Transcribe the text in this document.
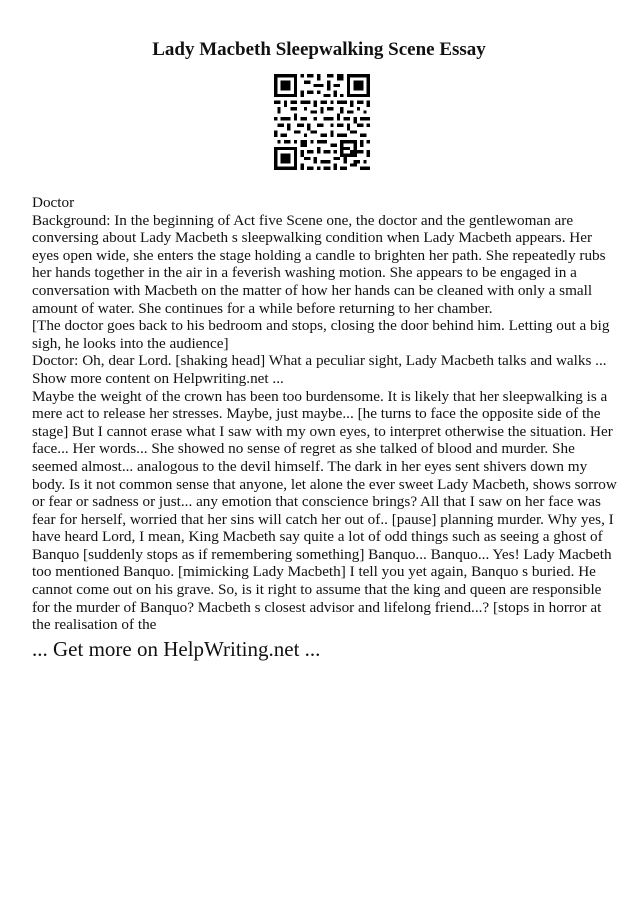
Lady Macbeth Sleepwalking Scene Essay

Doctor

Background: In the beginning of Act five Scene one, the doctor and the gentlewoman are conversing about Lady Macbeth s sleepwalking condition when Lady Macbeth appears. Her eyes open wide, she enters the stage holding a candle to brighten her path. She repeatedly rubs her hands together in the air in a feverish washing motion. She appears to be engaged in a conversation with Macbeth on the matter of how her hands can be cleaned with only a small amount of water. She continues for a while before returning to her chamber.

[The doctor goes back to his bedroom and stops, closing the door behind him. Letting out a big sigh, he looks into the audience]

Doctor: Oh, dear Lord. [shaking head] What a peculiar sight, Lady Macbeth talks and walks ...

Show more content on Helpwriting.net ...

Maybe the weight of the crown has been too burdensome. It is likely that her sleepwalking is a mere act to release her stresses. Maybe, just maybe... [he turns to face the opposite side of the stage] But I cannot erase what I saw with my own eyes, to interpret otherwise the situation. Her face... Her words... She showed no sense of regret as she talked of blood and murder. She seemed almost... analogous to the devil himself. The dark in her eyes sent shivers down my body. Is it not common sense that anyone, let alone the ever sweet Lady Macbeth, shows sorrow or fear or sadness or just... any emotion that conscience brings? All that I saw on her face was fear for herself, worried that her sins will catch her out of.. [pause] planning murder. Why yes, I have heard Lord, I mean, King Macbeth say quite a lot of odd things such as seeing a ghost of Banquo [suddenly stops as if remembering something] Banquo... Banquo... Yes! Lady Macbeth too mentioned Banquo. [mimicking Lady Macbeth] I tell you yet again, Banquo s buried. He cannot come out on his grave. So, is it right to assume that the king and queen are responsible for the murder of Banquo? Macbeth s closest advisor and lifelong friend...? [stops in horror at the realisation of the

... Get more on HelpWriting.net ...
